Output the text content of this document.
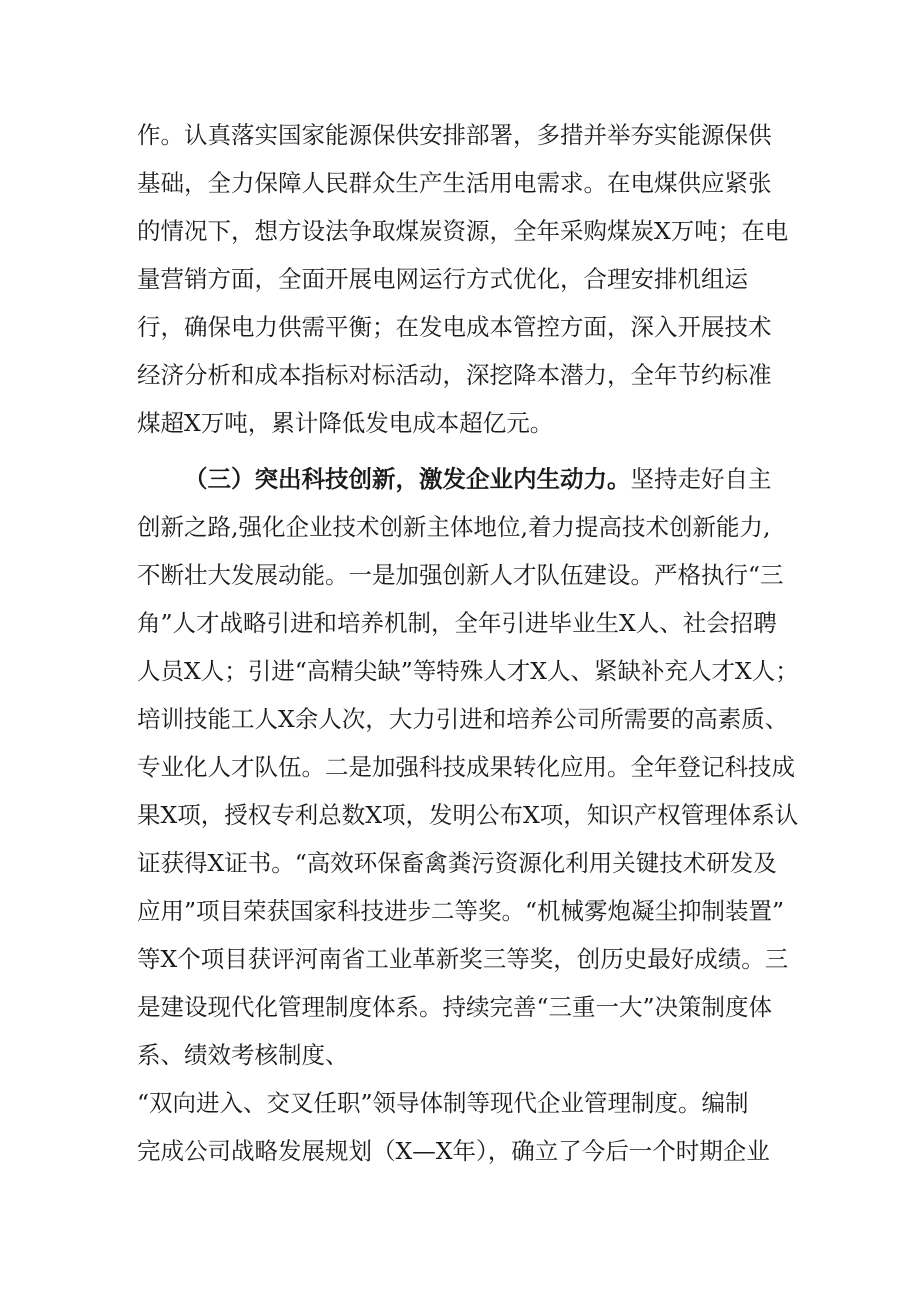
作。认真落实国家能源保供安排部署，多措并举夯实能源保供
基础，全力保障人民群众生产生活用电需求。在电煤供应紧张
的情况下，想方设法争取煤炭资源，全年采购煤炭X万吨；在电
量营销方面，全面开展电网运行方式优化，合理安排机组运
行，确保电力供需平衡；在发电成本管控方面，深入开展技术
经济分析和成本指标对标活动，深挖降本潜力，全年节约标准
煤超X万吨，累计降低发电成本超亿元。
（三）突出科技创新，激发企业内生动力。坚持走好自主
创新之路,强化企业技术创新主体地位,着力提高技术创新能力,
不断壮大发展动能。一是加强创新人才队伍建设。严格执行“三
角”人才战略引进和培养机制，全年引进毕业生X人、社会招聘
人员X人；引进“高精尖缺”等特殊人才X人、紧缺补充人才X人；
培训技能工人X余人次，大力引进和培养公司所需要的高素质、
专业化人才队伍。二是加强科技成果转化应用。全年登记科技成
果X项，授权专利总数X项，发明公布X项，知识产权管理体系认
证获得X证书。“高效环保畜禽粪污资源化利用关键技术研发及
应用”项目荣获国家科技进步二等奖。“机械雾炮凝尘抑制装置”
等X个项目获评河南省工业革新奖三等奖，创历史最好成绩。三
是建设现代化管理制度体系。持续完善“三重一大”决策制度体
系、绩效考核制度、
“双向进入、交叉任职”领导体制等现代企业管理制度。编制
完成公司战略发展规划（X—X年），确立了今后一个时期企业
